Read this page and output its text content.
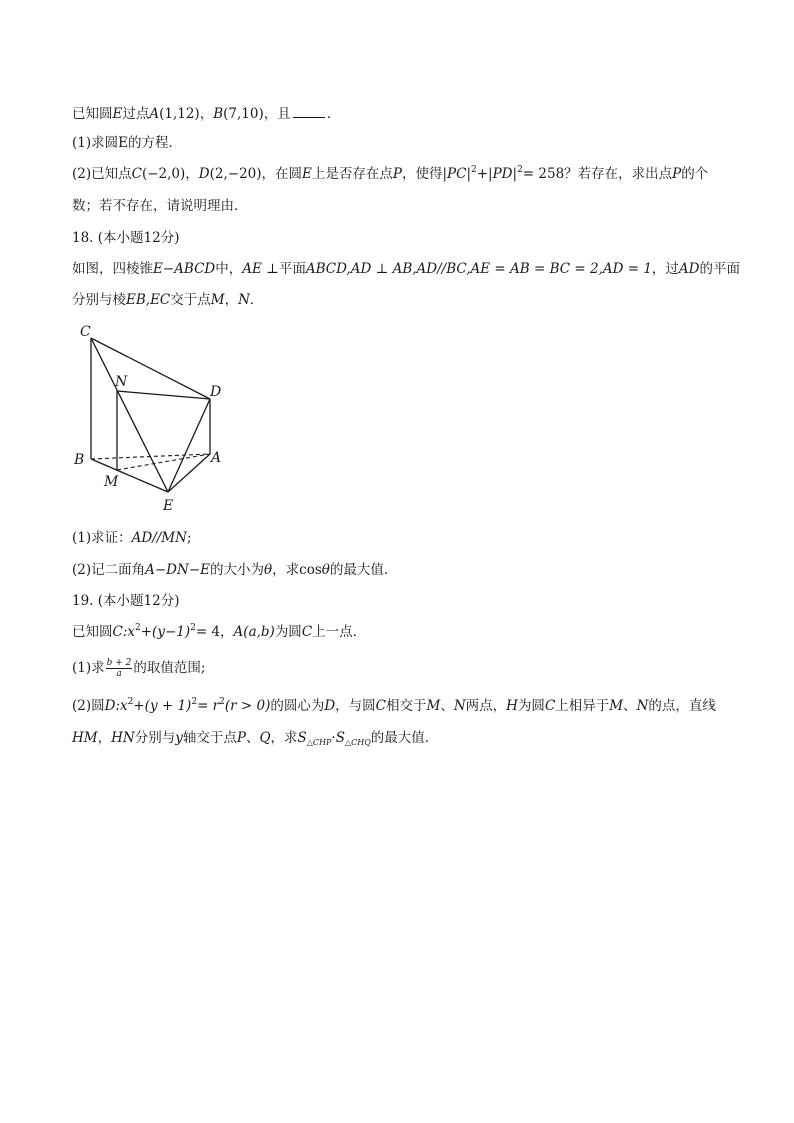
已知圆E过点A(1,12)，B(7,10)，且	．
(1)求圆E的方程．
(2)已知点C(−2,0)，D(2,−20)，在圆E上是否存在点P，使得$|PC|^2+|PD|^2= 258$？若存在，求出点P的个
数；若不存在，请说明理由．
18. (本小题12分)
如图，四棱锥E−ABCD中，AE ⊥平面ABCD,AD ⊥ AB,AD//BC,AE = AB = BC = 2,AD = 1，过AD的平面
分别与棱EB,EC交于点M，N．
C
N
D
B	A
M
E
(1)求证：AD//MN;
(2)记二面角A−DN−E的大小为θ，求cosθ的最大值．
19. (本小题12分)
已知圆$C:x^2+(y-1)^2= 4$，A(a,b)为圆C上一点．
(1)求 $\frac{b + 2}{a}$ 的取值范围;
(2)圆$D:x^2+(y + 1)^2= r^2(r > 0)$的圆心为D，与圆C相交于M、N两点，H为圆C上相异于M、N的点，直线
HM，HN分别与y轴交于点P、Q，求$S_{\triangle CHP}\cdot S_{\triangle CHQ}$的最大值．
